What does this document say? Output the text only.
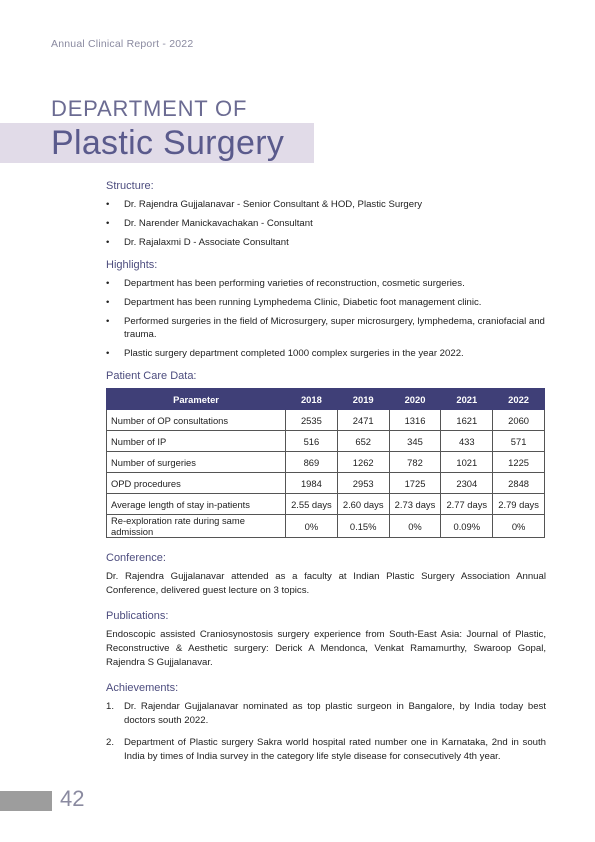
Annual Clinical Report - 2022
DEPARTMENT OF
Plastic Surgery
Structure:
• Dr. Rajendra Gujjalanavar - Senior Consultant & HOD, Plastic Surgery
• Dr. Narender Manickavachakan - Consultant
• Dr. Rajalaxmi D - Associate Consultant
Highlights:
• Department has been performing varieties of reconstruction, cosmetic surgeries.
• Department has been running Lymphedema Clinic, Diabetic foot management clinic.
• Performed surgeries in the field of Microsurgery, super microsurgery, lymphedema, craniofacial and trauma.
• Plastic surgery department completed 1000 complex surgeries in the year 2022.
Patient Care Data:
Parameter	2018	2019	2020	2021	2022
Number of OP consultations	2535	2471	1316	1621	2060
Number of IP	516	652	345	433	571
Number of surgeries	869	1262	782	1021	1225
OPD procedures	1984	2953	1725	2304	2848
Average length of stay in-patients	2.55 days	2.60 days	2.73 days	2.77 days	2.79 days
Re-exploration rate during same admission	0%	0.15%	0%	0.09%	0%
Conference:

Dr. Rajendra Gujjalanavar attended as a faculty at Indian Plastic Surgery Association Annual Conference, delivered guest lecture on 3 topics.

Publications:

Endoscopic assisted Craniosynostosis surgery experience from South-East Asia: Journal of Plastic, Reconstructive & Aesthetic surgery: Derick A Mendonca, Venkat Ramamurthy, Swaroop Gopal, Rajendra S Gujjalanavar.

Achievements:
1. Dr. Rajendar Gujjalanavar nominated as top plastic surgeon in Bangalore, by India today best doctors south 2022.
2. Department of Plastic surgery Sakra world hospital rated number one in Karnataka, 2nd in south India by times of India survey in the category life style disease for consecutively 4th year.
42
